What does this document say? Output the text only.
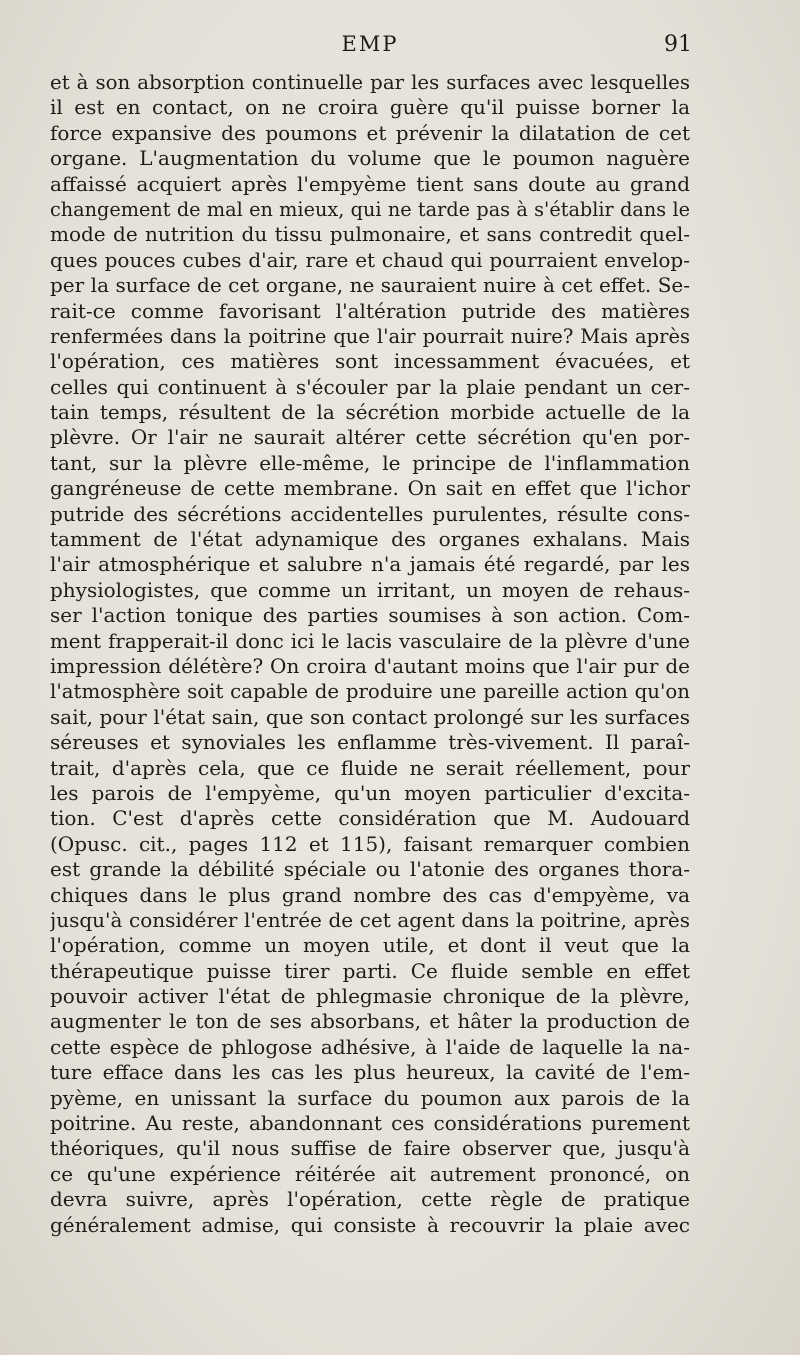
EMP	91
et à son absorption continuelle par les surfaces avec lesquelles
il est en contact, on ne croira guère qu'il puisse borner la
force expansive des poumons et prévenir la dilatation de cet
organe. L'augmentation du volume que le poumon naguère
affaissé acquiert après l'empyème tient sans doute au grand
changement de mal en mieux, qui ne tarde pas à s'établir dans le
mode de nutrition du tissu pulmonaire, et sans contredit quel-
ques pouces cubes d'air, rare et chaud qui pourraient envelop-
per la surface de cet organe, ne sauraient nuire à cet effet. Se-
rait-ce comme favorisant l'altération putride des matières
renfermées dans la poitrine que l'air pourrait nuire? Mais après
l'opération, ces matières sont incessamment évacuées, et
celles qui continuent à s'écouler par la plaie pendant un cer-
tain temps, résultent de la sécrétion morbide actuelle de la
plèvre. Or l'air ne saurait altérer cette sécrétion qu'en por-
tant, sur la plèvre elle-même, le principe de l'inflammation
gangréneuse de cette membrane. On sait en effet que l'ichor
putride des sécrétions accidentelles purulentes, résulte cons-
tamment de l'état adynamique des organes exhalans. Mais
l'air atmosphérique et salubre n'a jamais été regardé, par les
physiologistes, que comme un irritant, un moyen de rehaus-
ser l'action tonique des parties soumises à son action. Com-
ment frapperait-il donc ici le lacis vasculaire de la plèvre d'une
impression délétère? On croira d'autant moins que l'air pur de
l'atmosphère soit capable de produire une pareille action qu'on
sait, pour l'état sain, que son contact prolongé sur les surfaces
séreuses et synoviales les enflamme très-vivement. Il paraî-
trait, d'après cela, que ce fluide ne serait réellement, pour
les parois de l'empyème, qu'un moyen particulier d'excita-
tion. C'est d'après cette considération que M. Audouard
(Opusc. cit., pages 112 et 115), faisant remarquer combien
est grande la débilité spéciale ou l'atonie des organes thora-
chiques dans le plus grand nombre des cas d'empyème, va
jusqu'à considérer l'entrée de cet agent dans la poitrine, après
l'opération, comme un moyen utile, et dont il veut que la
thérapeutique puisse tirer parti. Ce fluide semble en effet
pouvoir activer l'état de phlegmasie chronique de la plèvre,
augmenter le ton de ses absorbans, et hâter la production de
cette espèce de phlogose adhésive, à l'aide de laquelle la na-
ture efface dans les cas les plus heureux, la cavité de l'em-
pyème, en unissant la surface du poumon aux parois de la
poitrine. Au reste, abandonnant ces considérations purement
théoriques, qu'il nous suffise de faire observer que, jusqu'à
ce qu'une expérience réitérée ait autrement prononcé, on
devra suivre, après l'opération, cette règle de pratique
généralement admise, qui consiste à recouvrir la plaie avec
